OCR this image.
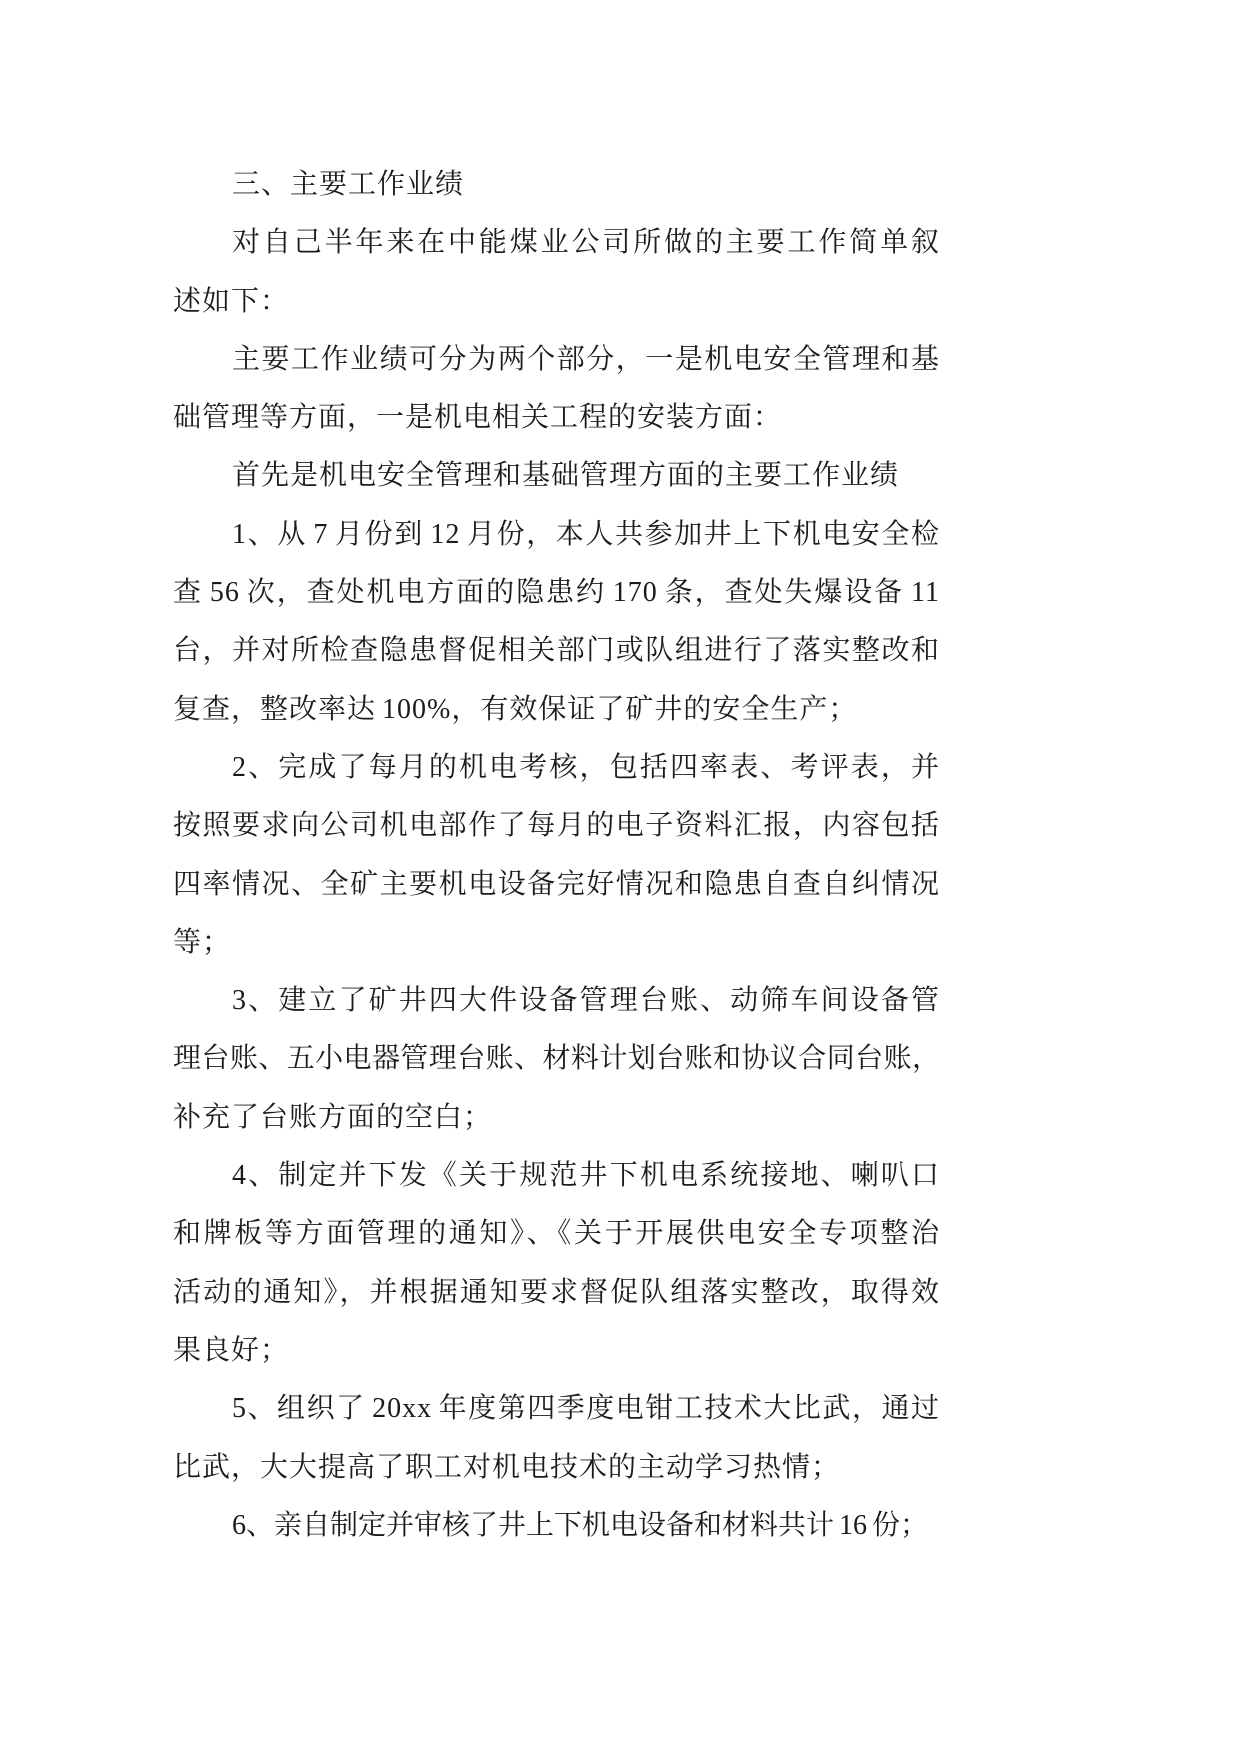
三、主要工作业绩
对自己半年来在中能煤业公司所做的主要工作简单叙
述如下：
主要工作业绩可分为两个部分，一是机电安全管理和基
础管理等方面，一是机电相关工程的安装方面：
首先是机电安全管理和基础管理方面的主要工作业绩
1、从 7 月份到 12 月份，本人共参加井上下机电安全检
查 56 次，查处机电方面的隐患约 170 条，查处失爆设备 11
台，并对所检查隐患督促相关部门或队组进行了落实整改和
复查，整改率达 100%，有效保证了矿井的安全生产；
2、完成了每月的机电考核，包括四率表、考评表，并
按照要求向公司机电部作了每月的电子资料汇报，内容包括
四率情况、全矿主要机电设备完好情况和隐患自查自纠情况
等；
3、建立了矿井四大件设备管理台账、动筛车间设备管
理台账、五小电器管理台账、材料计划台账和协议合同台账，
补充了台账方面的空白；
4、制定并下发《关于规范井下机电系统接地、喇叭口
和牌板等方面管理的通知》、《关于开展供电安全专项整治
活动的通知》，并根据通知要求督促队组落实整改，取得效
果良好；
5、组织了 20xx 年度第四季度电钳工技术大比武，通过
比武，大大提高了职工对机电技术的主动学习热情；
6、亲自制定并审核了井上下机电设备和材料共计 16 份；
